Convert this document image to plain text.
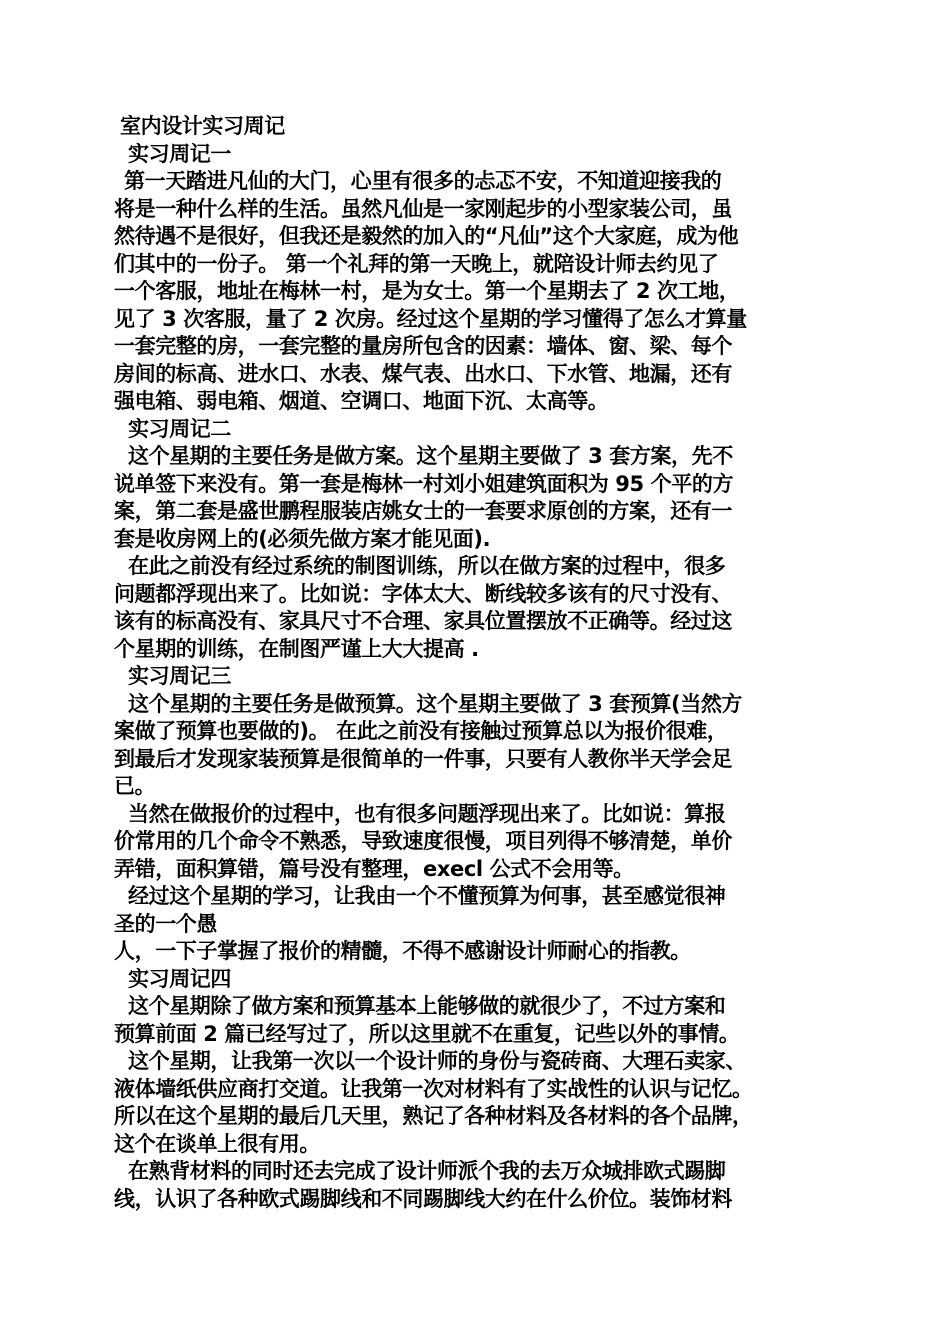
室内设计实习周记
实习周记一
第一天踏进凡仙的大门，心里有很多的忐忑不安，不知道迎接我的
将是一种什么样的生活。虽然凡仙是一家刚起步的小型家装公司，虽
然待遇不是很好，但我还是毅然的加入的“凡仙”这个大家庭，成为他
们其中的一份子。 第一个礼拜的第一天晚上，就陪设计师去约见了
一个客服，地址在梅林一村，是为女士。第一个星期去了 2 次工地，
见了 3 次客服，量了 2 次房。经过这个星期的学习懂得了怎么才算量
一套完整的房，一套完整的量房所包含的因素：墙体、窗、梁、每个
房间的标高、进水口、水表、煤气表、出水口、下水管、地漏，还有
强电箱、弱电箱、烟道、空调口、地面下沉、太高等。
实习周记二
这个星期的主要任务是做方案。这个星期主要做了 3 套方案，先不
说单签下来没有。第一套是梅林一村刘小姐建筑面积为 95 个平的方
案，第二套是盛世鹏程服装店姚女士的一套要求原创的方案，还有一
套是收房网上的(必须先做方案才能见面).
在此之前没有经过系统的制图训练，所以在做方案的过程中，很多
问题都浮现出来了。比如说：字体太大、断线较多该有的尺寸没有、
该有的标高没有、家具尺寸不合理、家具位置摆放不正确等。经过这
个星期的训练，在制图严谨上大大提高 .
实习周记三
这个星期的主要任务是做预算。这个星期主要做了 3 套预算(当然方
案做了预算也要做的)。 在此之前没有接触过预算总以为报价很难，
到最后才发现家装预算是很简单的一件事，只要有人教你半天学会足
已。
当然在做报价的过程中，也有很多问题浮现出来了。比如说：算报
价常用的几个命令不熟悉，导致速度很慢，项目列得不够清楚，单价
弄错，面积算错，篇号没有整理，execl 公式不会用等。
经过这个星期的学习，让我由一个不懂预算为何事，甚至感觉很神
圣的一个愚
人，一下子掌握了报价的精髓，不得不感谢设计师耐心的指教。
实习周记四
这个星期除了做方案和预算基本上能够做的就很少了，不过方案和
预算前面 2 篇已经写过了，所以这里就不在重复，记些以外的事情。
这个星期，让我第一次以一个设计师的身份与瓷砖商、大理石卖家、
液体墙纸供应商打交道。让我第一次对材料有了实战性的认识与记忆。
所以在这个星期的最后几天里，熟记了各种材料及各材料的各个品牌，
这个在谈单上很有用。
在熟背材料的同时还去完成了设计师派个我的去万众城排欧式踢脚
线，认识了各种欧式踢脚线和不同踢脚线大约在什么价位。装饰材料
